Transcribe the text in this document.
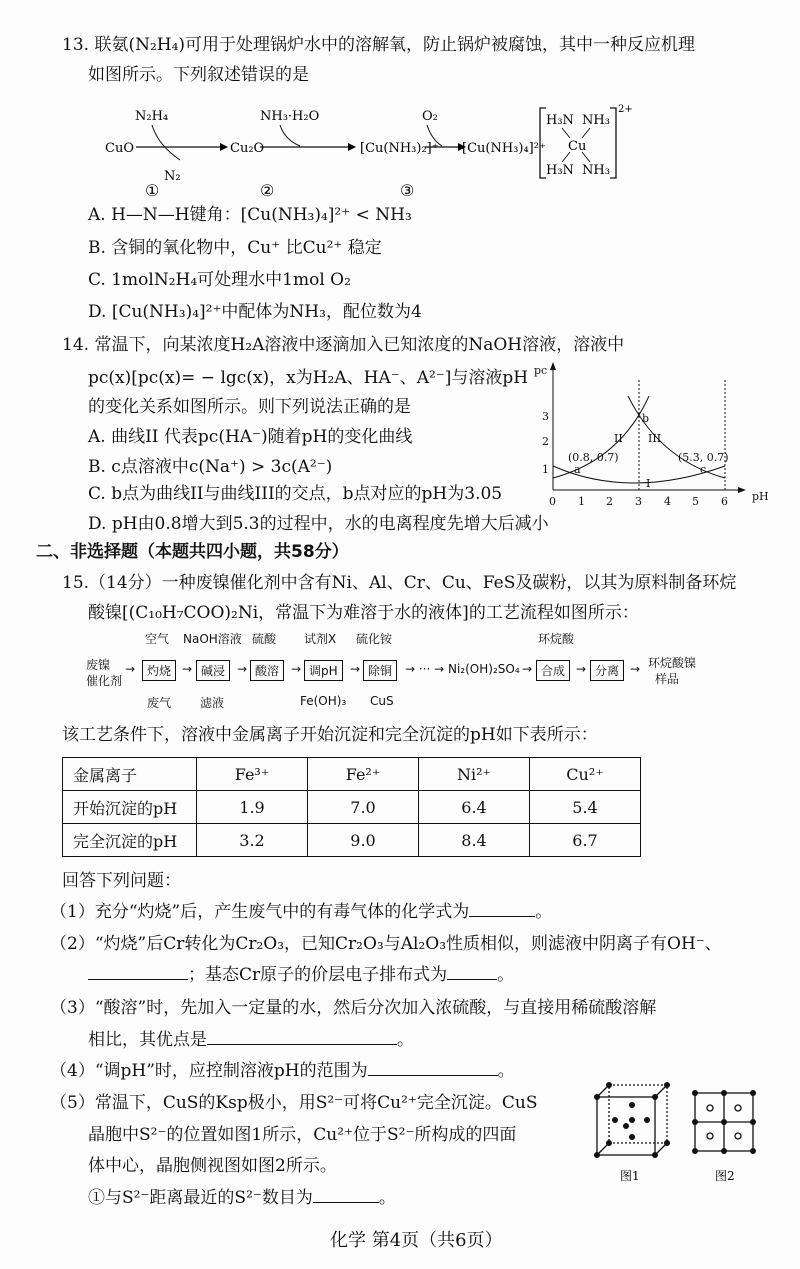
13. 联氨(N₂H₄)可用于处理锅炉水中的溶解氧，防止锅炉被腐蚀，其中一种反应机理
如图所示。下列叙述错误的是
CuO
N₂H₄
N₂
Cu₂O
NH₃·H₂O
[Cu(NH₃)₂]⁺
O₂
[Cu(NH₃)₄]²⁺
①	②	③
H₃N NH₃
H₃N NH₃
Cu
2+
A. H—N—H键角：[Cu(NH₃)₄]²⁺ < NH₃
B. 含铜的氧化物中，Cu⁺ 比Cu²⁺ 稳定
C. 1molN₂H₄可处理水中1mol O₂
D. [Cu(NH₃)₄]²⁺中配体为NH₃，配位数为4
14. 常温下，向某浓度H₂A溶液中逐滴加入已知浓度的NaOH溶液，溶液中
pc(x)[pc(x)= − lgc(x)，x为H₂A、HA⁻、A²⁻]与溶液pH
的变化关系如图所示。则下列说法正确的是
A. 曲线II 代表pc(HA⁻)随着pH的变化曲线
B. c点溶液中c(Na⁺) > 3c(A²⁻)
C. b点为曲线II与曲线III的交点，b点对应的pH为3.05
D. pH由0.8增大到5.3的过程中，水的电离程度先增大后减小
pc
pH
0 1 2 3 4 5 6
1
2
3
(0.8, 0.7)	(5.3, 0.7)
a
b
c
I
II III
二、非选择题（本题共四小题，共58分）
15.（14分）一种废镍催化剂中含有Ni、Al、Cr、Cu、FeS及碳粉，以其为原料制备环烷
酸镍[(C₁₀H₇COO)₂Ni，常温下为难溶于水的液体]的工艺流程如图所示：
废镍
催化剂
→ 灼烧 → 碱浸 → 酸溶 → 调pH	→ 除铜	→ ··· → Ni₂(OH)₂SO₄ → 合成 → 分离 → 环烷酸镍
样品
空气 NaOH溶液 硫酸 试剂X 硫化铵	环烷酸
废气 滤液	Fe(OH)₃ CuS
该工艺条件下，溶液中金属离子开始沉淀和完全沉淀的pH如下表所示：
金属离子	Fe³⁺	Fe²⁺	Ni²⁺	Cu²⁺
开始沉淀的pH	1.9	7.0	6.4	5.4
完全沉淀的pH	3.2	9.0	8.4	6.7
回答下列问题：
（1）充分“灼烧”后，产生废气中的有毒气体的化学式为	。
（2）“灼烧”后Cr转化为Cr₂O₃，已知Cr₂O₃与Al₂O₃性质相似，则滤液中阴离子有OH⁻、
；基态Cr原子的价层电子排布式为	。
（3）“酸溶”时，先加入一定量的水，然后分次加入浓硫酸，与直接用稀硫酸溶解
相比，其优点是	。
（4）“调pH”时，应控制溶液pH的范围为	。
（5）常温下，CuS的Ksp极小，用S²⁻可将Cu²⁺完全沉淀。CuS
晶胞中S²⁻的位置如图1所示，Cu²⁺位于S²⁻所构成的四面
体中心，晶胞侧视图如图2所示。
①与S²⁻距离最近的S²⁻数目为	。
图1	图2
化学 第4页（共6页）
